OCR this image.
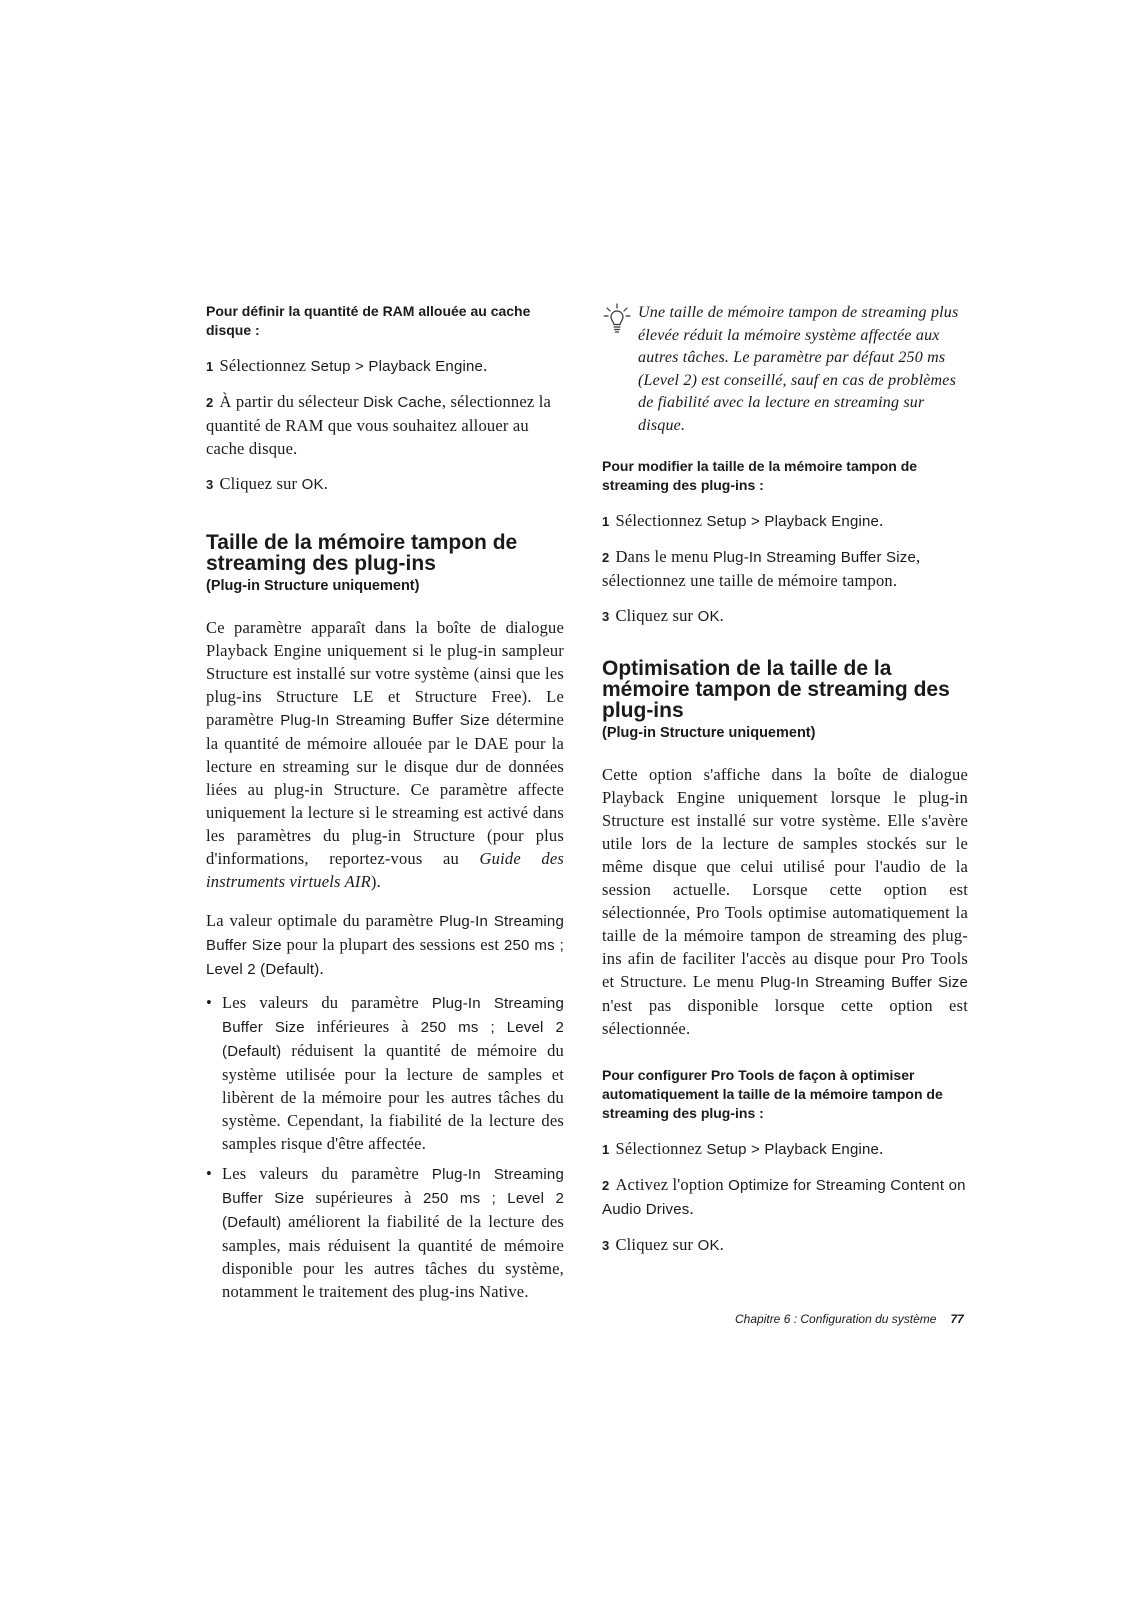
Pour définir la quantité de RAM allouée au cache disque :

1 Sélectionnez Setup > Playback Engine.

2 À partir du sélecteur Disk Cache, sélectionnez la quantité de RAM que vous souhaitez allouer au cache disque.

3 Cliquez sur OK.

Taille de la mémoire tampon de streaming des plug-ins
(Plug-in Structure uniquement)

Ce paramètre apparaît dans la boîte de dialogue Playback Engine uniquement si le plug-in sampleur Structure est installé sur votre système (ainsi que les plug-ins Structure LE et Structure Free). Le paramètre Plug-In Streaming Buffer Size détermine la quantité de mémoire allouée par le DAE pour la lecture en streaming sur le disque dur de données liées au plug-in Structure. Ce paramètre affecte uniquement la lecture si le streaming est activé dans les paramètres du plug-in Structure (pour plus d'informations, reportez-vous au Guide des instruments virtuels AIR).

La valeur optimale du paramètre Plug-In Streaming Buffer Size pour la plupart des sessions est 250 ms ; Level 2 (Default).

• Les valeurs du paramètre Plug-In Streaming Buffer Size inférieures à 250 ms ; Level 2 (Default) réduisent la quantité de mémoire du système utilisée pour la lecture de samples et libèrent de la mémoire pour les autres tâches du système. Cependant, la fiabilité de la lecture des samples risque d'être affectée.
• Les valeurs du paramètre Plug-In Streaming Buffer Size supérieures à 250 ms ; Level 2 (Default) améliorent la fiabilité de la lecture des samples, mais réduisent la quantité de mémoire disponible pour les autres tâches du système, notamment le traitement des plug-ins Native.
Une taille de mémoire tampon de streaming plus élevée réduit la mémoire système affectée aux autres tâches. Le paramètre par défaut 250 ms (Level 2) est conseillé, sauf en cas de problèmes de fiabilité avec la lecture en streaming sur disque.
Pour modifier la taille de la mémoire tampon de streaming des plug-ins :

1 Sélectionnez Setup > Playback Engine.

2 Dans le menu Plug-In Streaming Buffer Size, sélectionnez une taille de mémoire tampon.

3 Cliquez sur OK.

Optimisation de la taille de la mémoire tampon de streaming des plug-ins
(Plug-in Structure uniquement)

Cette option s'affiche dans la boîte de dialogue Playback Engine uniquement lorsque le plug-in Structure est installé sur votre système. Elle s'avère utile lors de la lecture de samples stockés sur le même disque que celui utilisé pour l'audio de la session actuelle. Lorsque cette option est sélectionnée, Pro Tools optimise automatiquement la taille de la mémoire tampon de streaming des plug-ins afin de faciliter l'accès au disque pour Pro Tools et Structure. Le menu Plug-In Streaming Buffer Size n'est pas disponible lorsque cette option est sélectionnée.

Pour configurer Pro Tools de façon à optimiser automatiquement la taille de la mémoire tampon de streaming des plug-ins :

1 Sélectionnez Setup > Playback Engine.

2 Activez l'option Optimize for Streaming Content on Audio Drives.

3 Cliquez sur OK.

Chapitre 6 : Configuration du système 77
